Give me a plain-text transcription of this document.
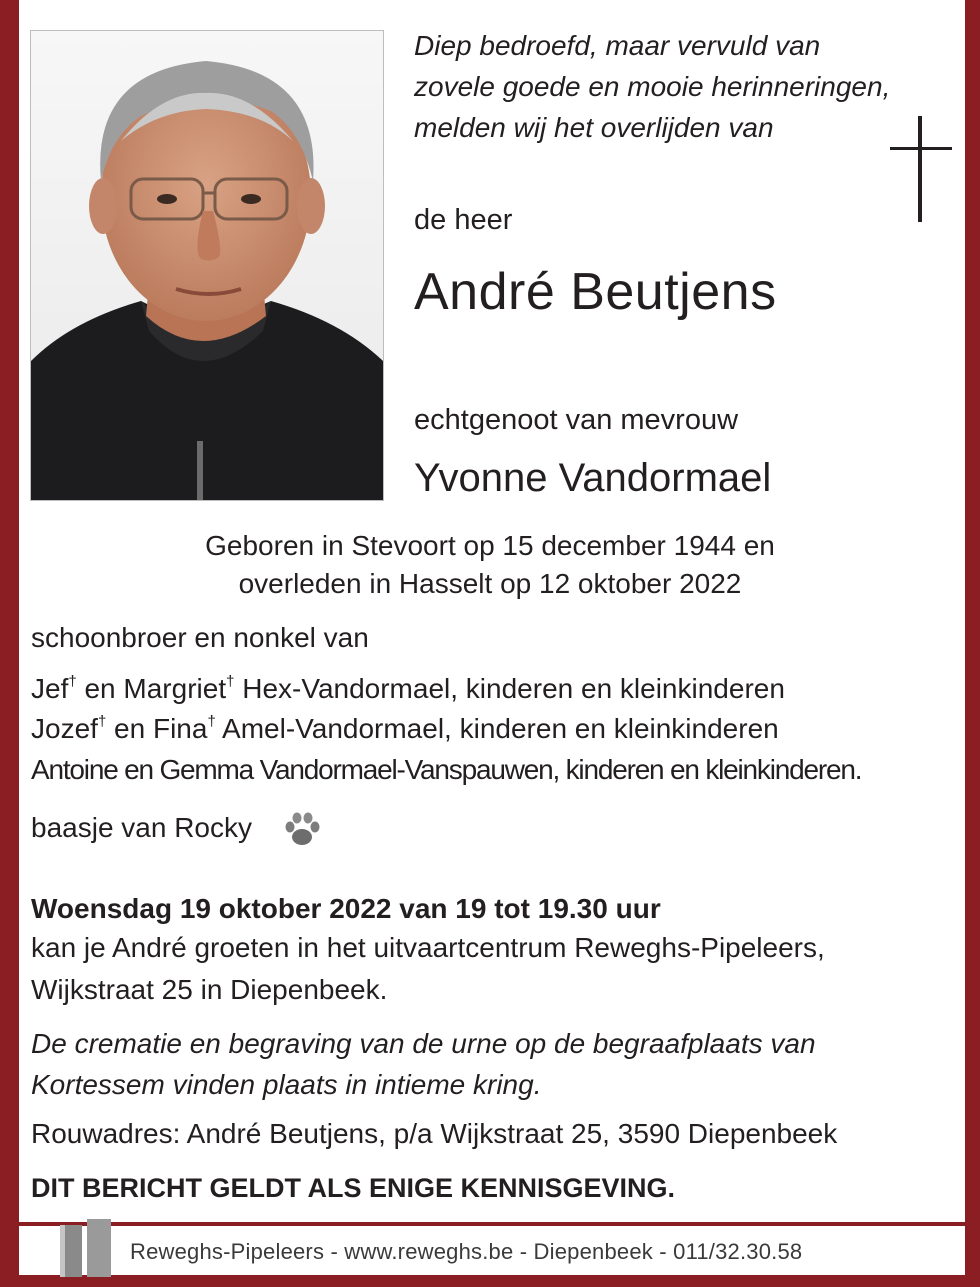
Diep bedroefd, maar vervuld van
zovele goede en mooie herinneringen,
melden wij het overlijden van
de heer
André Beutjens
echtgenoot van mevrouw
Yvonne Vandormael
Geboren in Stevoort op 15 december 1944 en
overleden in Hasselt op 12 oktober 2022
schoonbroer en nonkel van
Jef† en Margriet† Hex-Vandormael, kinderen en kleinkinderen
Jozef† en Fina† Amel-Vandormael, kinderen en kleinkinderen
Antoine en Gemma Vandormael-Vanspauwen, kinderen en kleinkinderen.
baasje van Rocky
Woensdag 19 oktober 2022 van 19 tot 19.30 uur
kan je André groeten in het uitvaartcentrum Reweghs-Pipeleers,
Wijkstraat 25 in Diepenbeek.
De crematie en begraving van de urne op de begraafplaats van
Kortessem vinden plaats in intieme kring.
Rouwadres: André Beutjens, p/a Wijkstraat 25, 3590 Diepenbeek
DIT BERICHT GELDT ALS ENIGE KENNISGEVING.
Reweghs-Pipeleers - www.reweghs.be - Diepenbeek - 011/32.30.58
